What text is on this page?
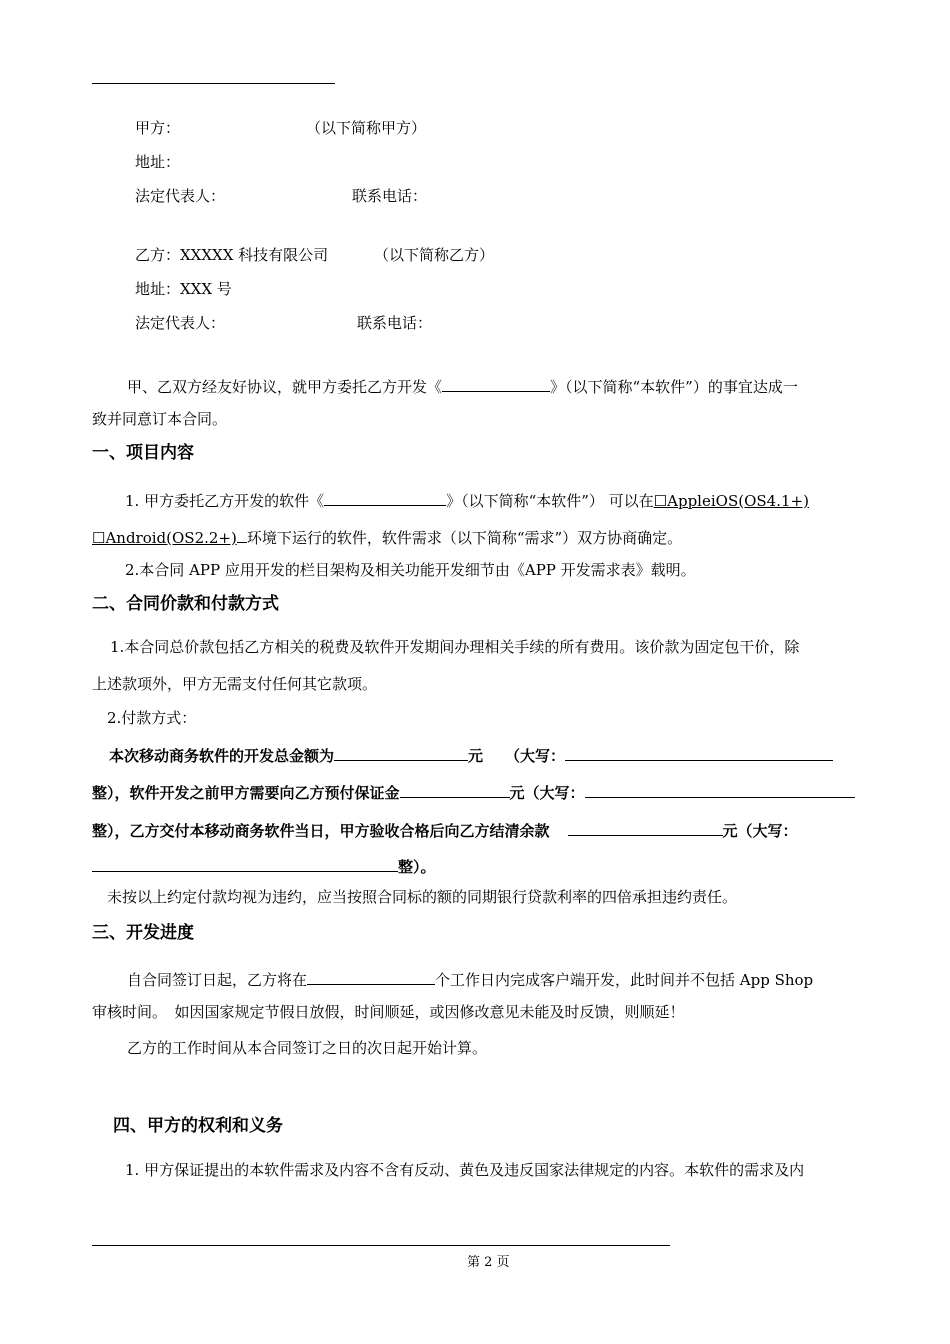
甲方：	（以下简称甲方）
地址：
法定代表人：	联系电话：
乙方：XXXXX 科技有限公司	（以下简称乙方）
地址：XXX 号
法定代表人：	联系电话：
甲、乙双方经友好协议，就甲方委托乙方开发《	》（以下简称“本软件”）的事宜达成一
致并同意订本合同。
一、项目内容
1. 甲方委托乙方开发的软件《	》（以下简称“本软件”） 可以在☐AppleiOS(OS4.1+)
☐Android(OS2.2+) 环境下运行的软件，软件需求（以下简称“需求”）双方协商确定。
2.本合同 APP 应用开发的栏目架构及相关功能开发细节由《APP 开发需求表》载明。
二、合同价款和付款方式
1.本合同总价款包括乙方相关的税费及软件开发期间办理相关手续的所有费用。该价款为固定包干价，除
上述款项外，甲方无需支付任何其它款项。
2.付款方式：
本次移动商务软件的开发总金额为	元 （大写：
整），软件开发之前甲方需要向乙方预付保证金	元（大写：
整），乙方交付本移动商务软件当日，甲方验收合格后向乙方结清余款	元（大写：
整）。
未按以上约定付款均视为违约，应当按照合同标的额的同期银行贷款利率的四倍承担违约责任。
三、开发进度
自合同签订日起，乙方将在	个工作日内完成客户端开发，此时间并不包括 App Shop
审核时间。　如因国家规定节假日放假，时间顺延，或因修改意见未能及时反馈，则顺延！
乙方的工作时间从本合同签订之日的次日起开始计算。
四、甲方的权利和义务
1. 甲方保证提出的本软件需求及内容不含有反动、黄色及违反国家法律规定的内容。本软件的需求及内
第 2 页
